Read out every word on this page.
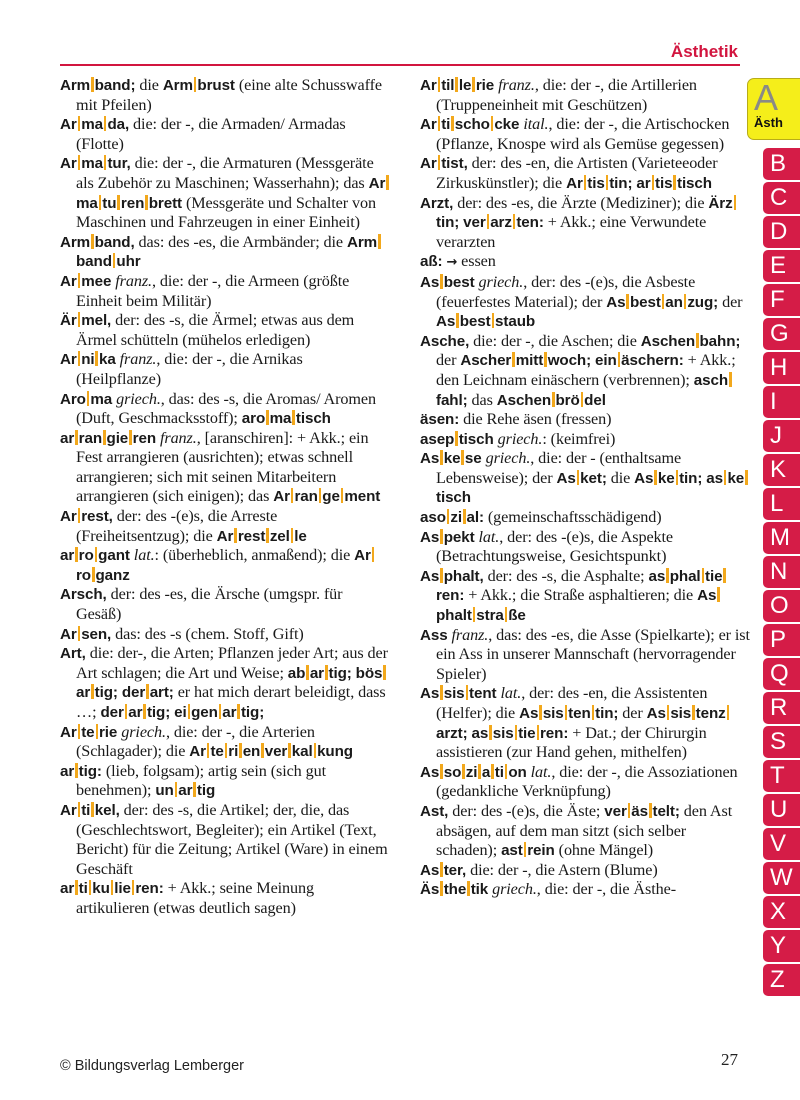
Ästhetik
A
Ästh
B
C
D
E
F
G
H
I
J
K
L
M
N
O
P
Q
R
S
T
U
V
W
X
Y
Z

Arm band; die Arm brust (eine alte Schusswaffe mit Pfeilen)

Ar ma da, die: der -, die Armaden/ Armadas (Flotte)

Ar ma tur, die: der -, die Armaturen (Messgeräte als Zubehör zu Maschinen; Wasserhahn); das Arma tu ren brett (Messgeräte und Schalter von Maschinen und Fahrzeugen in einer Einheit)

Arm band, das: des -es, die Armbänder; die Armband uhr

Ar mee franz., die: der -, die Armeen (größte Einheit beim Militär)

Är mel, der: des -s, die Ärmel; etwas aus dem Ärmel schütteln (mühelos erledigen)

Ar ni ka franz., die: der -, die Arnikas (Heilpflanze)

Aro ma griech., das: des -s, die Aromas/ Aromen (Duft, Geschmacksstoff); aro ma tisch

ar ran gie ren franz., [aranschiren]: + Akk.; ein Fest arrangieren (ausrichten); etwas schnell arrangieren; sich mit seinen Mitarbeitern arrangieren (sich einigen); das Ar ran ge ment

Ar rest, der: des -(e)s, die Arreste (Freiheitsentzug); die Ar rest zel le

ar ro gant lat.: (überheblich, anmaßend); die Arro ganz

Arsch, der: des -es, die Ärsche (umgspr. für Gesäß)

Ar sen, das: des -s (chem. Stoff, Gift)

Art, die: der-, die Arten; Pflanzen jeder Art; aus der Art schlagen; die Art und Weise; ab ar tig; bösar tig; der art; er hat mich derart beleidigt, dass …; der ar tig; ei gen ar tig;

Ar te rie griech., die: der -, die Arterien (Schlagader); die Ar te ri en ver kal kung

ar tig: (lieb, folgsam); artig sein (sich gut benehmen); un ar tig

Ar ti kel, der: des -s, die Artikel; der, die, das (Geschlechtswort, Begleiter); ein Artikel (Text, Bericht) für die Zeitung; Artikel (Ware) in einem Geschäft

ar ti ku lie ren: + Akk.; seine Meinung artikulieren (etwas deutlich sagen)

Ar til le rie franz., die: der -, die Artillerien (Truppeneinheit mit Geschützen)

Ar ti scho cke ital., die: der -, die Artischocken (Pflanze, Knospe wird als Gemüse gegessen)

Ar tist, der: des -en, die Artisten (Varieteeoder Zirkuskünstler); die Ar tis tin; ar tis tisch

Arzt, der: des -es, die Ärzte (Mediziner); die Ärztin; ver arz ten: + Akk.; eine Verwundete verarzten

aß: → essen

As best griech., der: des -(e)s, die Asbeste (feuerfestes Material); der As best an zug; der As best staub

Asche, die: der -, die Aschen; die Aschen bahn; der Ascher mitt woch; ein äschern: + Akk.; den Leichnam einäschern (verbrennen); aschfahl; das Aschen brö del

äsen: die Rehe äsen (fressen)

asep tisch griech.: (keimfrei)

As ke se griech., die: der - (enthaltsame Lebensweise); der As ket; die As ke tin; as ketisch

aso zi al: (gemeinschaftsschädigend)

As pekt lat., der: des -(e)s, die Aspekte (Betrachtungsweise, Gesichtspunkt)

As phalt, der: des -s, die Asphalte; as phal tieren: + Akk.; die Straße asphaltieren; die Asphalt stra ße

Ass franz., das: des -es, die Asse (Spielkarte); er ist ein Ass in unserer Mannschaft (hervorragender Spieler)

As sis tent lat., der: des -en, die Assistenten (Helfer); die As sis ten tin; der As sis tenzarzt; as sis tie ren: + Dat.; der Chirurgin assistieren (zur Hand gehen, mithelfen)

As so zi a ti on lat., die: der -, die Assoziationen (gedankliche Verknüpfung)

Ast, der: des -(e)s, die Äste; ver äs telt; den Ast absägen, auf dem man sitzt (sich selber schaden); ast rein (ohne Mängel)

As ter, die: der -, die Astern (Blume)

Äs the tik griech., die: der -, die Ästhe-

© Bildungsverlag Lemberger	27
